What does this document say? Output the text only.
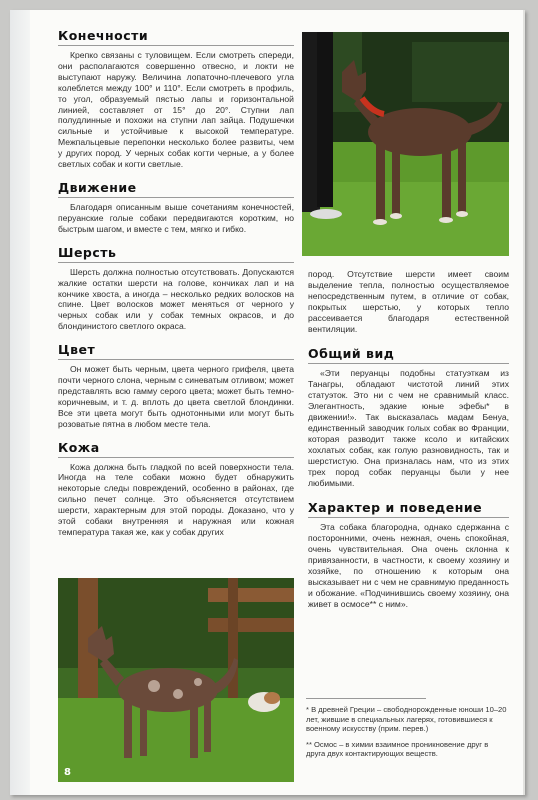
Конечности

Крепко связаны с туловищем. Если смотреть спереди, они располагаются совершенно отвесно, и локти не выступают наружу. Величина лопаточно-плечевого угла колеблется между 100° и 110°. Если смотреть в профиль, то угол, образуемый пястью лапы и горизонтальной линией, составляет от 15° до 20°. Ступни лап полудлинные и похожи на ступни лап зайца. Подушечки сильные и устойчивые к высокой температуре. Межпальцевые перепонки несколько более развиты, чем у других пород. У черных собак когти черные, а у более светлых собак и когти светлые.

Движение

Благодаря описанным выше сочетаниям конечностей, перуанские голые собаки передвигаются коротким, но быстрым шагом, и вместе с тем, мягко и гибко.

Шерсть

Шерсть должна полностью отсутствовать. Допускаются жалкие остатки шерсти на голове, кончиках лап и на кончике хвоста, а иногда – несколько редких волосков на спине. Цвет волосков может меняться от черного у черных собак или у собак темных окрасов, и до блондинистого светлого окраса.

Цвет

Он может быть черным, цвета черного грифеля, цвета почти черного слона, черным с синеватым отливом; может представлять всю гамму серого цвета; может быть темно-коричневым, и т. д. вплоть до цвета светлой блондинки. Все эти цвета могут быть однотонными или могут быть розоватые пятна в любом месте тела.

Кожа

Кожа должна быть гладкой по всей поверхности тела. Иногда на теле собаки можно будет обнаружить некоторые следы повреждений, особенно в районах, где сильно печет солнце. Это объясняется отсутствием шерсти, характерным для этой породы. Доказано, что у этой собаки внутренняя и наружная или кожная температура такая же, как у собак других

пород. Отсутствие шерсти имеет своим выделение тепла, полностью осуществляемое непосредственным путем, в отличие от собак, покрытых шерстью, у которых тепло рассеивается благодаря естественной вентиляции.

Общий вид

«Эти перуанцы подобны статуэткам из Танагры, обладают чистотой линий этих статуэток. Это ни с чем не сравнимый класс. Элегантность, эдакие юные эфебы* в движении!». Так высказалась мадам Бенуа, единственный заводчик голых собак во Франции, которая разводит также ксоло и китайских хохлатых собак, как голую разновидность, так и шерстистую. Она призналась нам, что из этих трех пород собак перуанцы были у нее любимыми.

Характер и поведение

Эта собака благородна, однако сдержанна с посторонними, очень нежная, очень спокойная, очень чувствительная. Она очень склонна к привязанности, в частности, к своему хозяину и хозяйке, по отношению к которым она высказывает ни с чем не сравнимую преданность и обожание. «Подчинившись своему хозяину, она живет в осмосе** с ним».

8

* В древней Греции – свободнорожденные юноши 10–20 лет, жившие в специальных лагерях, готовившиеся к военному искусству (прим. перев.)

** Осмос – в химии взаимное проникновение друг в друга двух контактирующих веществ.
